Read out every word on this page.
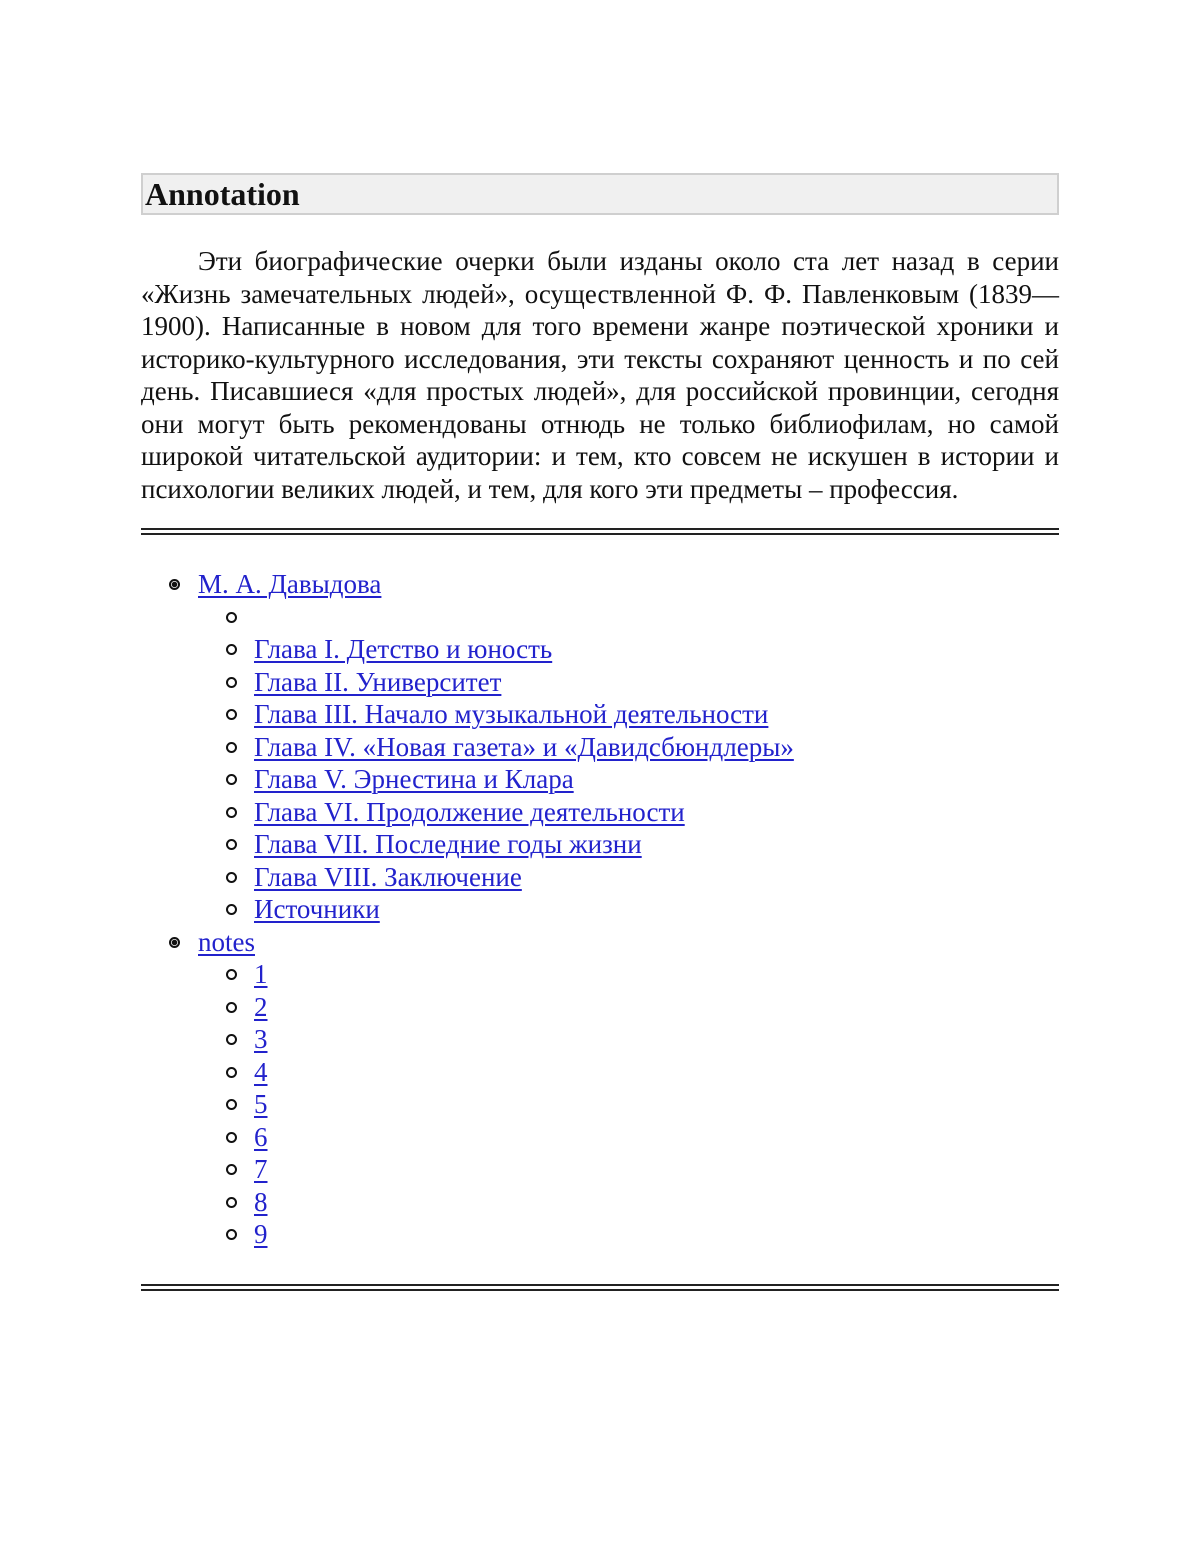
Annotation

Эти биографические очерки были изданы около ста лет назад в серии «Жизнь замечательных людей», осуществленной Ф. Ф. Павленковым (1839—1900). Написанные в новом для того времени жанре поэтической хроники и историко-культурного исследования, эти тексты сохраняют ценность и по сей день. Писавшиеся «для простых людей», для российской провинции, сегодня они могут быть рекомендованы отнюдь не только библиофилам, но самой широкой читательской аудитории: и тем, кто совсем не искушен в истории и психологии великих людей, и тем, для кого эти предметы – профессия.

М. А. Давыдова
Глава I. Детство и юность
Глава II. Университет
Глава III. Начало музыкальной деятельности
Глава IV. «Новая газета» и «Давидсбюндлеры»
Глава V. Эрнестина и Клара
Глава VI. Продолжение деятельности
Глава VII. Последние годы жизни
Глава VIII. Заключение
Источники
notes
1
2
3
4
5
6
7
8
9
